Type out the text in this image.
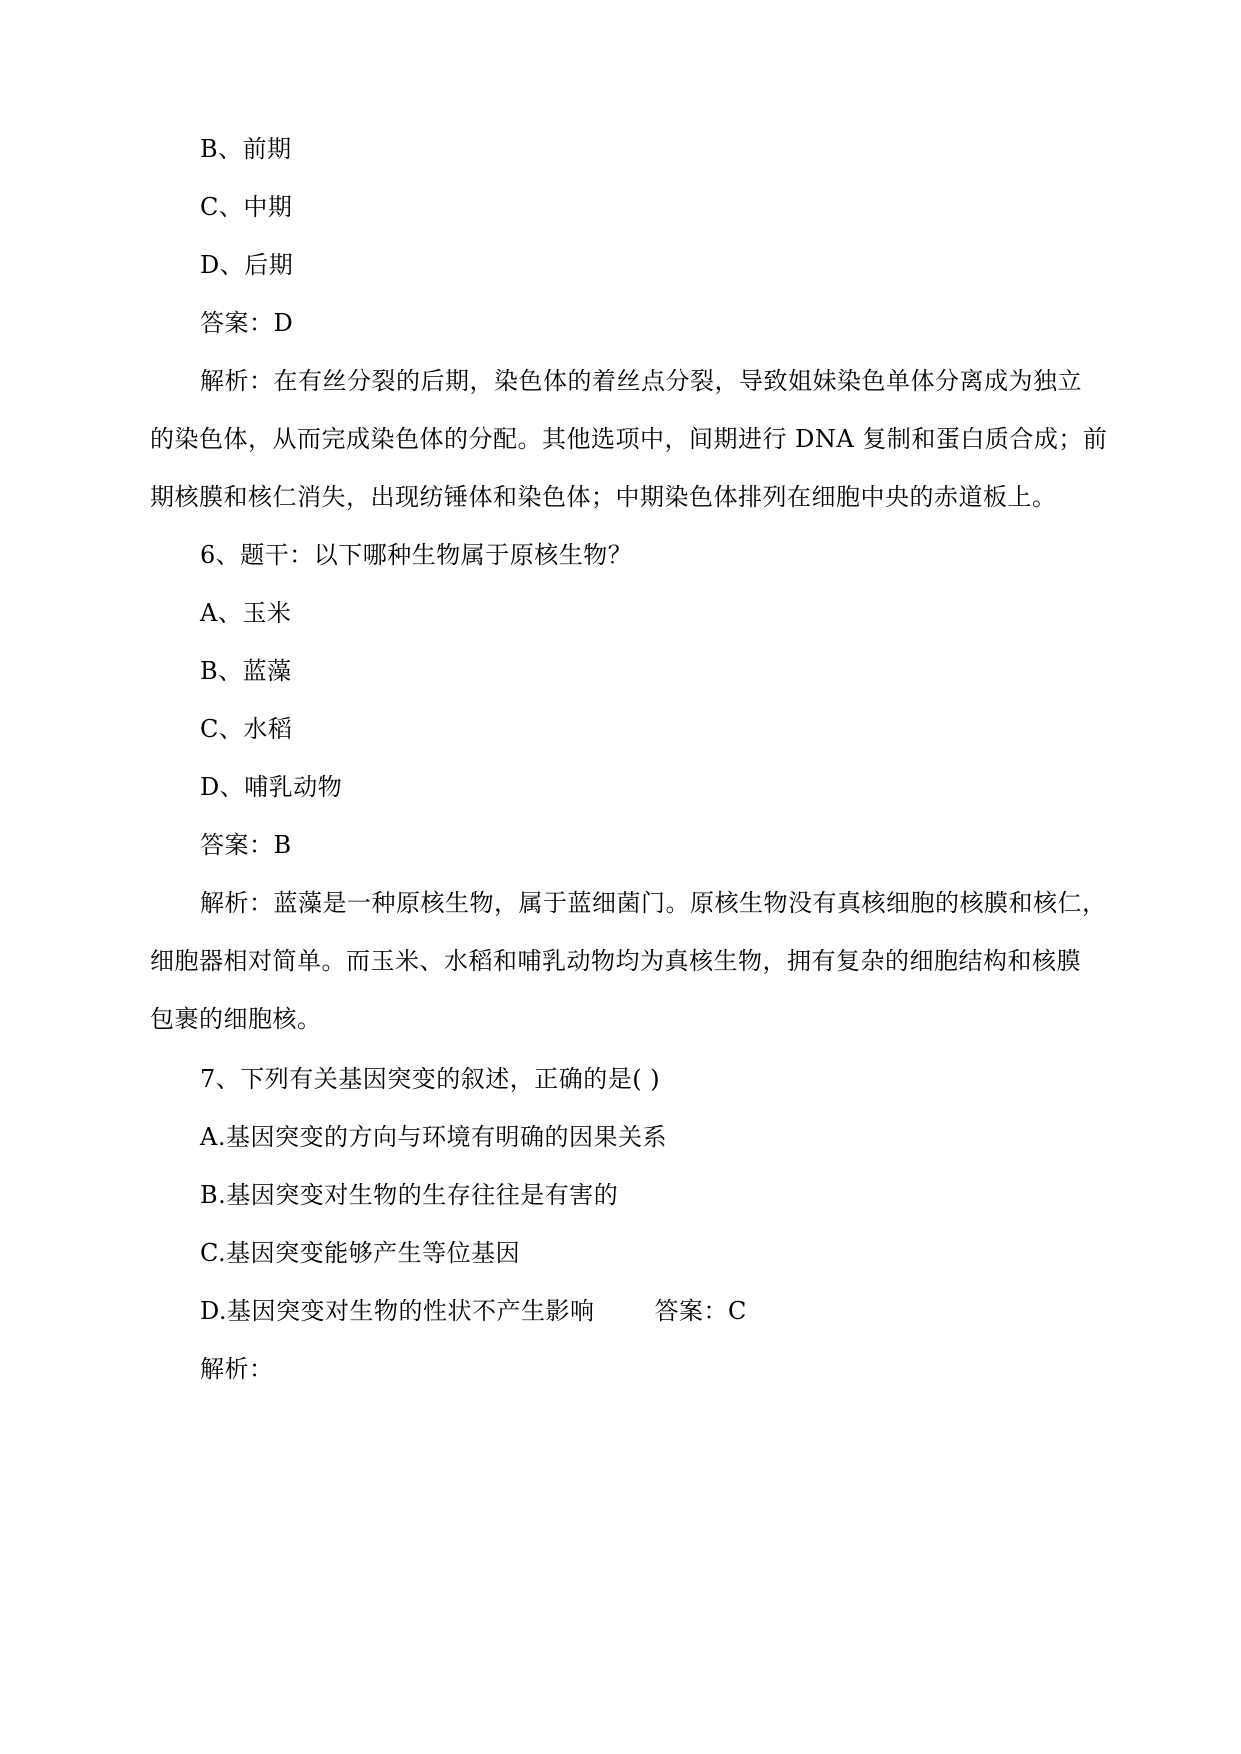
B、前期
C、中期
D、后期
答案：D
解析：在有丝分裂的后期，染色体的着丝点分裂，导致姐妹染色单体分离成为独立
的染色体，从而完成染色体的分配。其他选项中，间期进行 DNA 复制和蛋白质合成；前
期核膜和核仁消失，出现纺锤体和染色体；中期染色体排列在细胞中央的赤道板上。
6、题干：以下哪种生物属于原核生物？
A、玉米
B、蓝藻
C、水稻
D、哺乳动物
答案：B
解析：蓝藻是一种原核生物，属于蓝细菌门。原核生物没有真核细胞的核膜和核仁，
细胞器相对简单。而玉米、水稻和哺乳动物均为真核生物，拥有复杂的细胞结构和核膜
包裹的细胞核。
7、下列有关基因突变的叙述，正确的是( )
A.基因突变的方向与环境有明确的因果关系
B.基因突变对生物的生存往往是有害的
C.基因突变能够产生等位基因
D.基因突变对生物的性状不产生影响	答案：C
解析：
